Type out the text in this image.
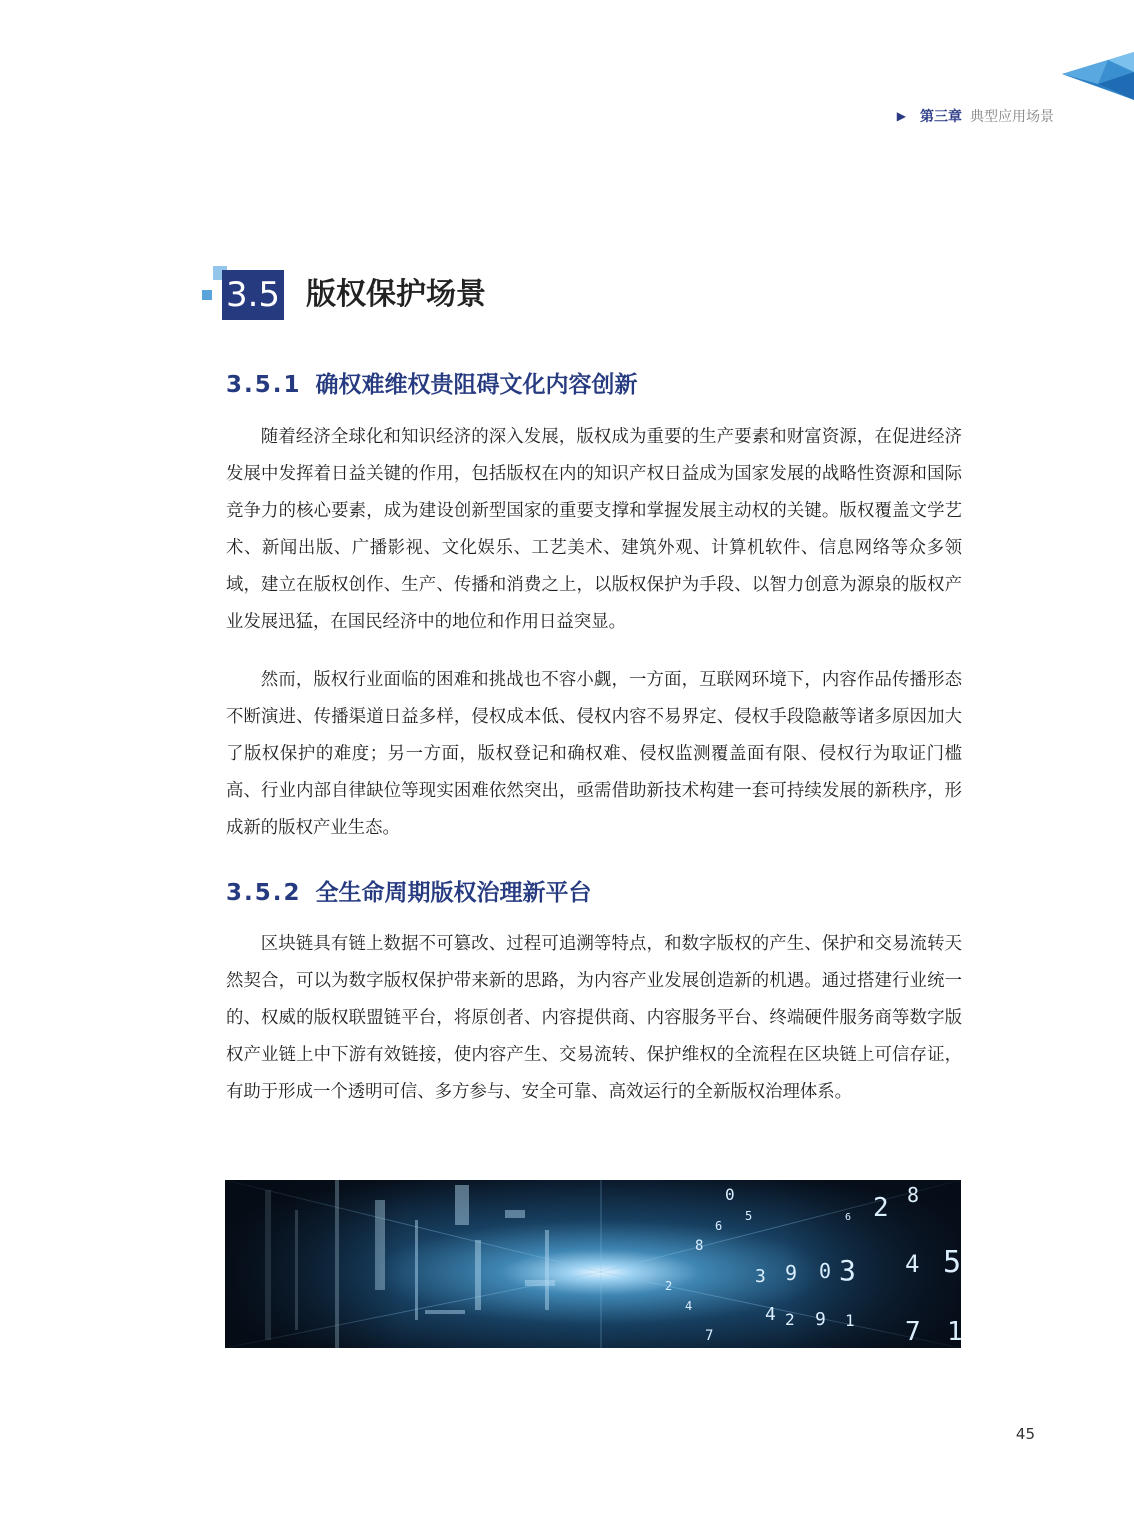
▶ 第三章 典型应用场景
3.5 版权保护场景
3.5.1 确权难维权贵阻碍文化内容创新

随着经济全球化和知识经济的深入发展，版权成为重要的生产要素和财富资源，在促进经济发展中发挥着日益关键的作用，包括版权在内的知识产权日益成为国家发展的战略性资源和国际竞争力的核心要素，成为建设创新型国家的重要支撑和掌握发展主动权的关键。版权覆盖文学艺术、新闻出版、广播影视、文化娱乐、工艺美术、建筑外观、计算机软件、信息网络等众多领域，建立在版权创作、生产、传播和消费之上，以版权保护为手段、以智力创意为源泉的版权产业发展迅猛，在国民经济中的地位和作用日益突显。

然而，版权行业面临的困难和挑战也不容小觑，一方面，互联网环境下，内容作品传播形态不断演进、传播渠道日益多样，侵权成本低、侵权内容不易界定、侵权手段隐蔽等诸多原因加大了版权保护的难度；另一方面，版权登记和确权难、侵权监测覆盖面有限、侵权行为取证门槛高、行业内部自律缺位等现实困难依然突出，亟需借助新技术构建一套可持续发展的新秩序，形成新的版权产业生态。

3.5.2 全生命周期版权治理新平台

区块链具有链上数据不可篡改、过程可追溯等特点，和数字版权的产生、保护和交易流转天然契合，可以为数字版权保护带来新的思路，为内容产业发展创造新的机遇。通过搭建行业统一的、权威的版权联盟链平台，将原创者、内容提供商、内容服务平台、终端硬件服务商等数字版权产业链上中下游有效链接，使内容产生、交易流转、保护维权的全流程在区块链上可信存证，有助于形成一个透明可信、多方参与、安全可靠、高效运行的全新版权治理体系。

2 8
4
6
0 3
9
7 1
5
3
0
4 2 9 1
8
6
7
5
2
4
45
